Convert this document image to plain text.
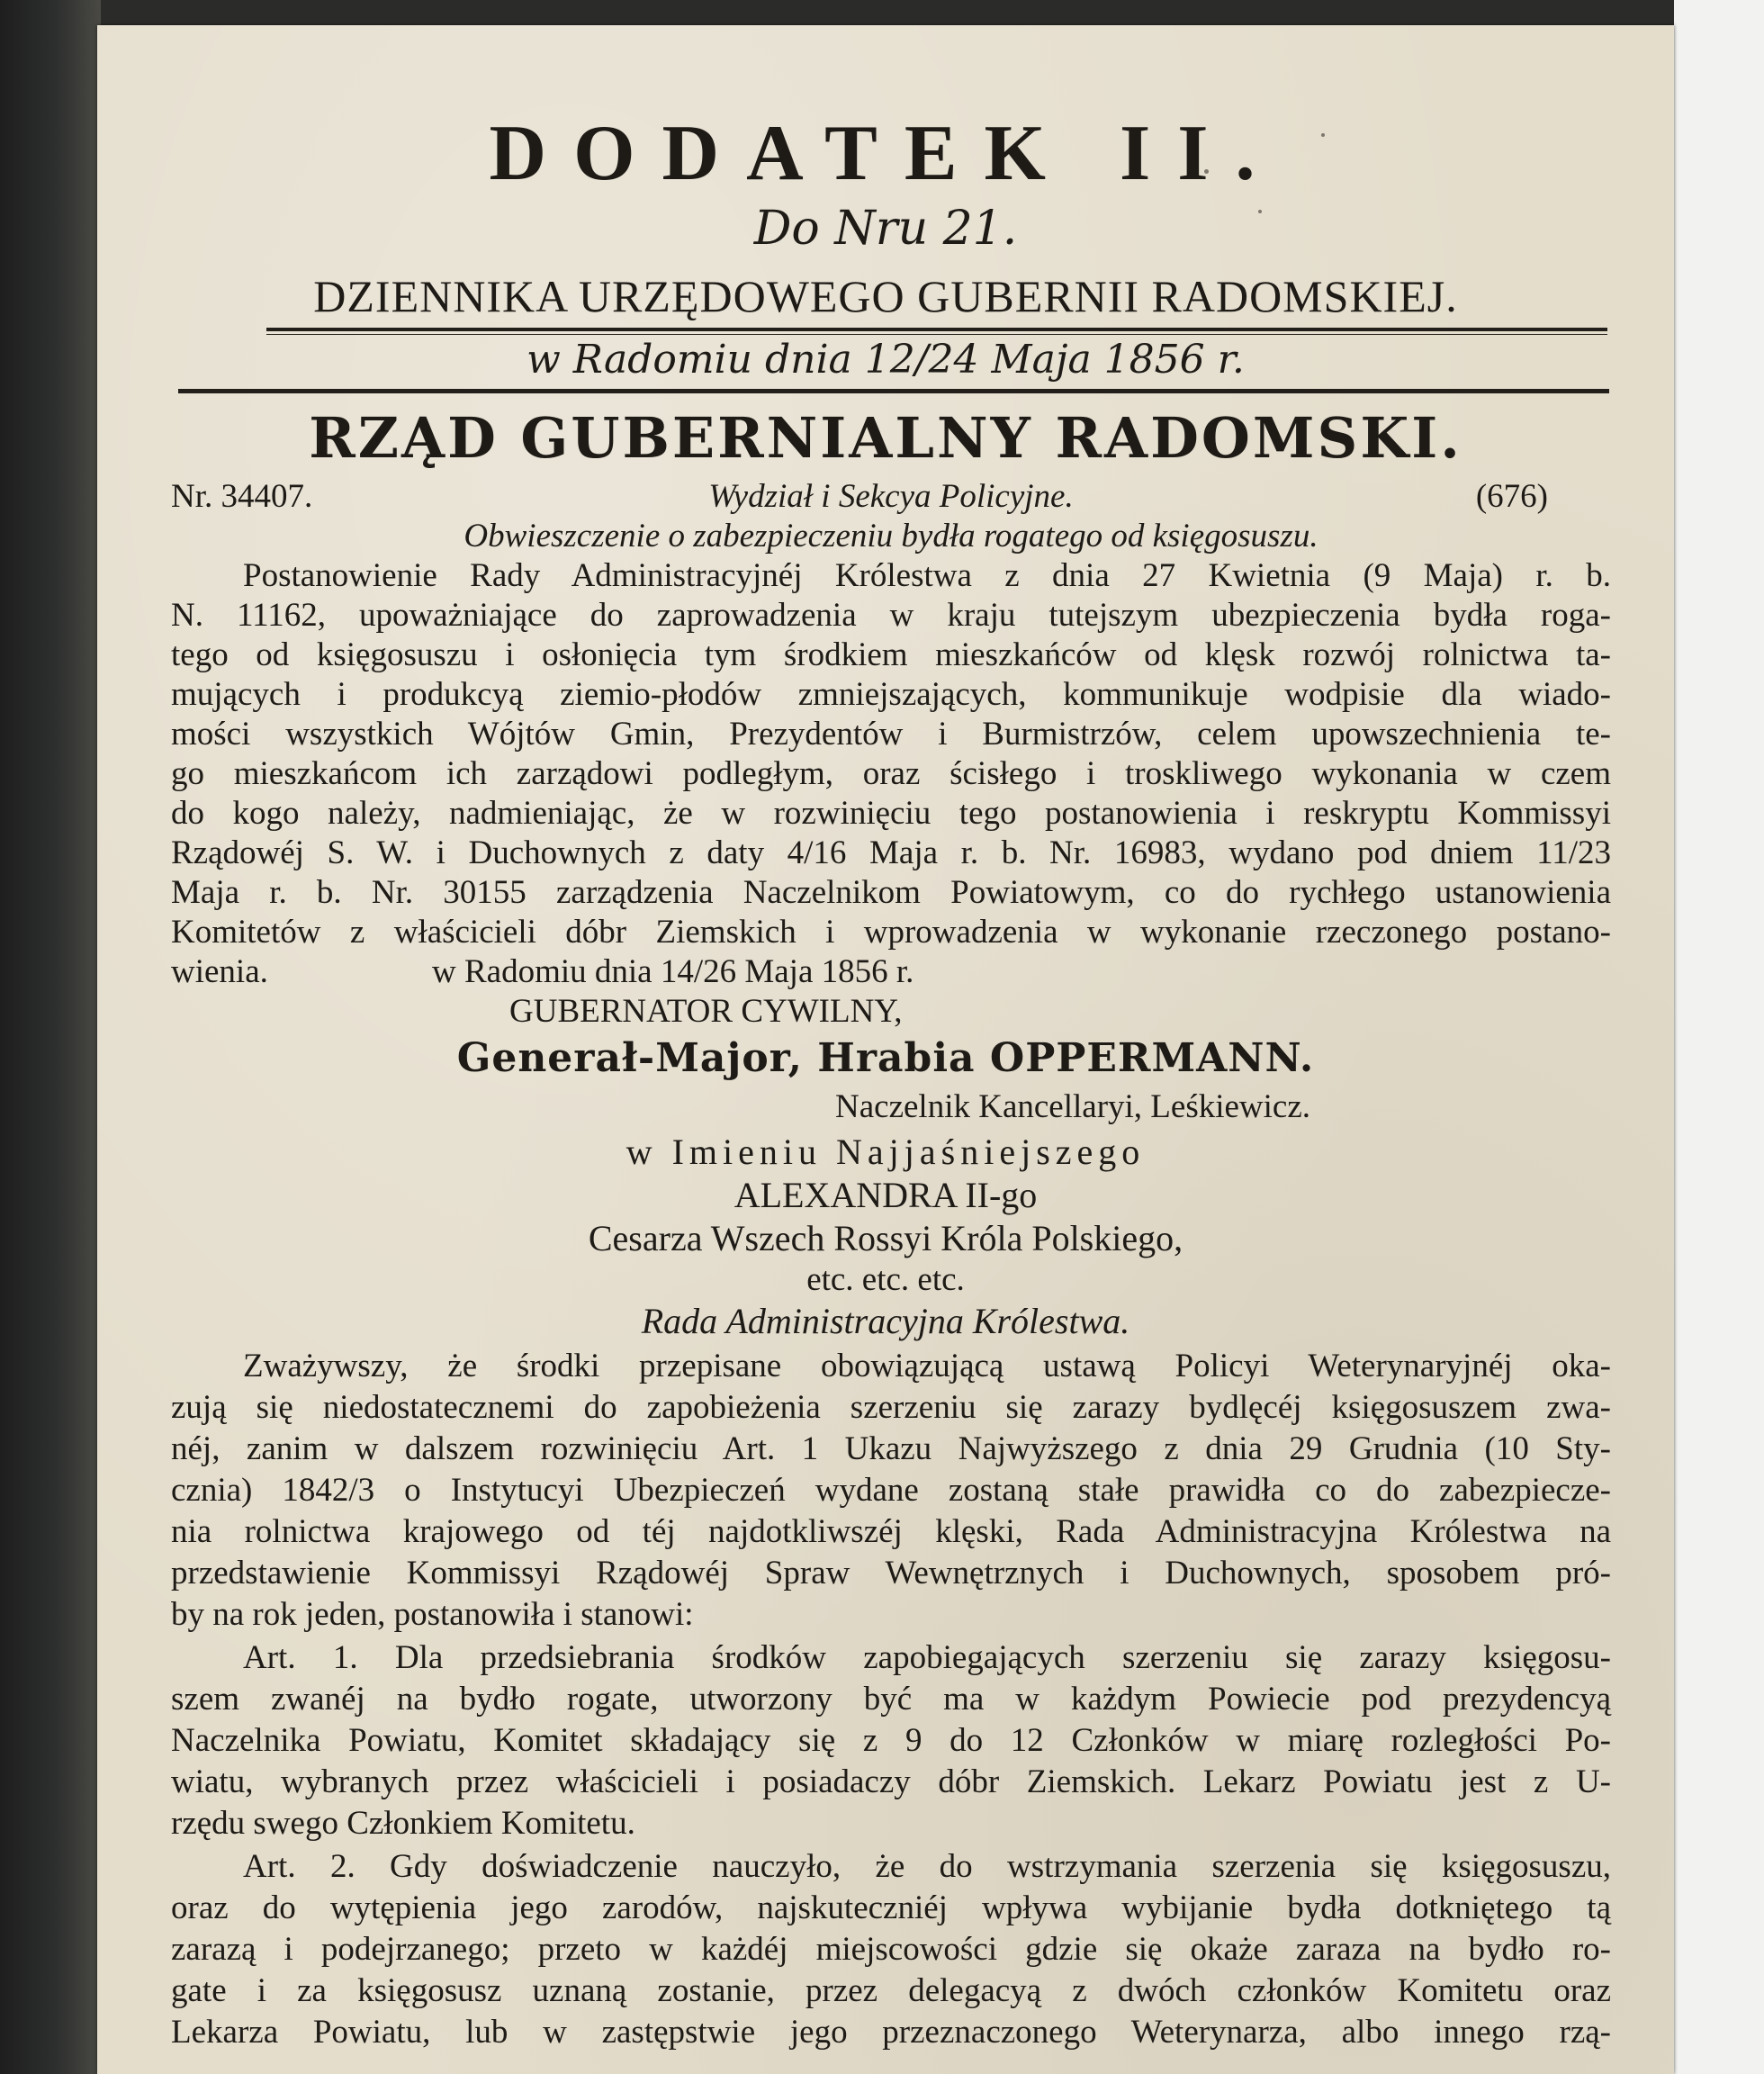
DODATEK II.
Do Nru 21.
DZIENNIKA URZĘDOWEGO GUBERNII RADOMSKIEJ.
w Radomiu dnia 12/24 Maja 1856 r.
RZĄD GUBERNIALNY RADOMSKI.
Nr. 34407.	Wydział i Sekcya Policyjne.	(676)
Obwieszczenie o zabezpieczeniu bydła rogatego od księgosuszu.
Postanowienie Rady Administracyjnéj Królestwa z dnia 27 Kwietnia (9 Maja) r. b.
N. 11162, upoważniające do zaprowadzenia w kraju tutejszym ubezpieczenia bydła roga-
tego od księgosuszu i osłonięcia tym środkiem mieszkańców od klęsk rozwój rolnictwa ta-
mujących i produkcyą ziemio-płodów zmniejszających, kommunikuje wodpisie dla wiado-
mości wszystkich Wójtów Gmin, Prezydentów i Burmistrzów, celem upowszechnienia te-
go mieszkańcom ich zarządowi podległym, oraz ścisłego i troskliwego wykonania w czem
do kogo należy, nadmieniając, że w rozwinięciu tego postanowienia i reskryptu Kommissyi
Rządowéj S. W. i Duchownych z daty 4/16 Maja r. b. Nr. 16983, wydano pod dniem 11/23
Maja r. b. Nr. 30155 zarządzenia Naczelnikom Powiatowym, co do rychłego ustanowienia
Komitetów z właścicieli dóbr Ziemskich i wprowadzenia w wykonanie rzeczonego postano-
wienia.	w Radomiu dnia 14/26 Maja 1856 r.
GUBERNATOR CYWILNY,
Generał-Major, Hrabia OPPERMANN.
Naczelnik Kancellaryi, Leśkiewicz.
w Imieniu Najjaśniejszego
ALEXANDRA II-go
Cesarza Wszech Rossyi Króla Polskiego,
etc. etc. etc.
Rada Administracyjna Królestwa.
Zważywszy, że środki przepisane obowiązującą ustawą Policyi Weterynaryjnéj oka-
zują się niedostatecznemi do zapobieżenia szerzeniu się zarazy bydlęcéj księgosuszem zwa-
néj, zanim w dalszem rozwinięciu Art. 1 Ukazu Najwyższego z dnia 29 Grudnia (10 Sty-
cznia) 1842/3 o Instytucyi Ubezpieczeń wydane zostaną stałe prawidła co do zabezpiecze-
nia rolnictwa krajowego od téj najdotkliwszéj klęski, Rada Administracyjna Królestwa na
przedstawienie Kommissyi Rządowéj Spraw Wewnętrznych i Duchownych, sposobem pró-
by na rok jeden, postanowiła i stanowi:
Art. 1. Dla przedsiebrania środków zapobiegających szerzeniu się zarazy księgosu-
szem zwanéj na bydło rogate, utworzony być ma w każdym Powiecie pod prezydencyą
Naczelnika Powiatu, Komitet składający się z 9 do 12 Członków w miarę rozległości Po-
wiatu, wybranych przez właścicieli i posiadaczy dóbr Ziemskich. Lekarz Powiatu jest z U-
rzędu swego Członkiem Komitetu.
Art. 2. Gdy doświadczenie nauczyło, że do wstrzymania szerzenia się księgosuszu,
oraz do wytępienia jego zarodów, najskuteczniéj wpływa wybijanie bydła dotkniętego tą
zarazą i podejrzanego; przeto w każdéj miejscowości gdzie się okaże zaraza na bydło ro-
gate i za księgosusz uznaną zostanie, przez delegacyą z dwóch członków Komitetu oraz
Lekarza Powiatu, lub w zastępstwie jego przeznaczonego Weterynarza, albo innego rzą-
